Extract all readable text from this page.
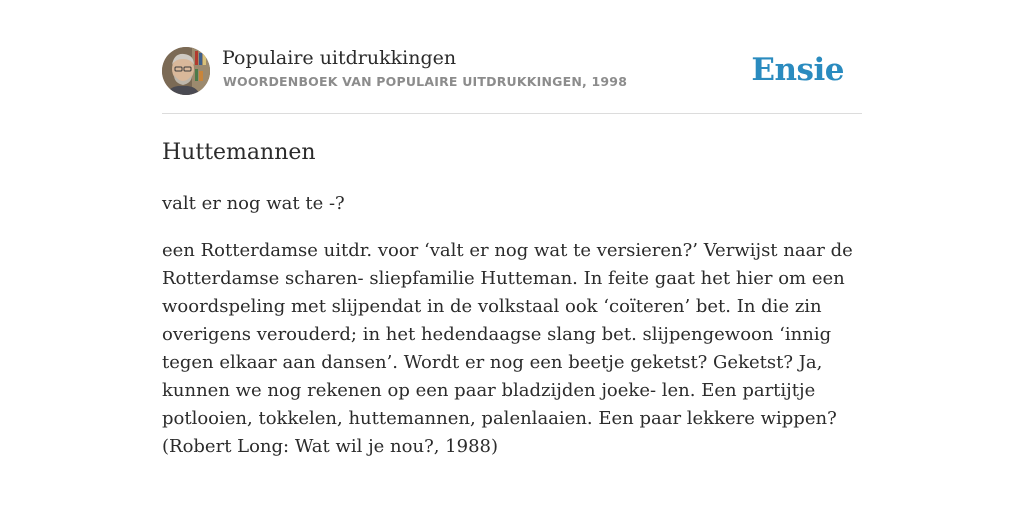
Populaire uitdrukkingen
WOORDENBOEK VAN POPULAIRE UITDRUKKINGEN, 1998	Ensie
Huttemannen

valt er nog wat te -?

een Rotterdamse uitdr. voor ‘valt er nog wat te versieren?’ Verwijst naar de Rotterdamse scharen- sliepfamilie Hutteman. In feite gaat het hier om een woordspeling met slijpendat in de volkstaal ook ‘coïteren’ bet. In die zin overigens verouderd; in het hedendaagse slang bet. slijpengewoon ‘innig tegen elkaar aan dansen’. Wordt er nog een beetje geketst? Geketst? Ja, kunnen we nog rekenen op een paar bladzijden joeke- len. Een partijtje potlooien, tokkelen, huttemannen, palenlaaien. Een paar lekkere wippen? (Robert Long: Wat wil je nou?, 1988)
